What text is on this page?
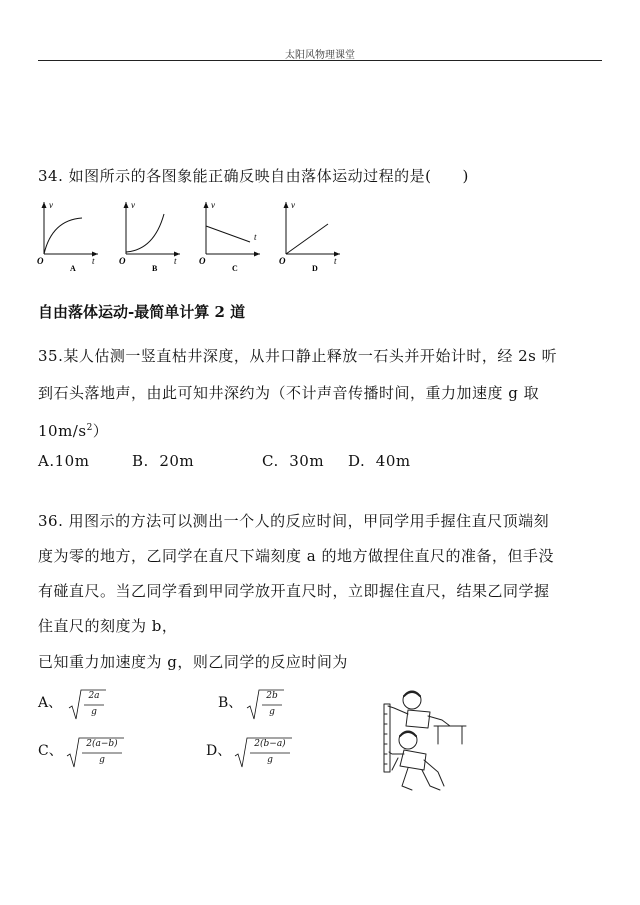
太阳风物理课堂
34. 如图所示的各图象能正确反映自由落体运动过程的是(　　)
v
t
O
A
v
t
O
B
v
t
O
C
v
t
O
D
自由落体运动-最简单计算 2 道
35.某人估测一竖直枯井深度，从井口静止释放一石头并开始计时，经 2s 听
到石头落地声，由此可知井深约为（不计声音传播时间，重力加速度 g 取
$10m/s^2$）
A.10m	B.  20m	C.  30m D.  40m
36. 用图示的方法可以测出一个人的反应时间，甲同学用手握住直尺顶端刻
度为零的地方，乙同学在直尺下端刻度 a 的地方做捏住直尺的准备，但手没
有碰直尺。当乙同学看到甲同学放开直尺时，立即握住直尺，结果乙同学握
住直尺的刻度为 b，
已知重力加速度为 g，则乙同学的反应时间为
A、	2a
g
B、	2b
g
C、	2(a−b)
g
D、	2(b−a)
g
